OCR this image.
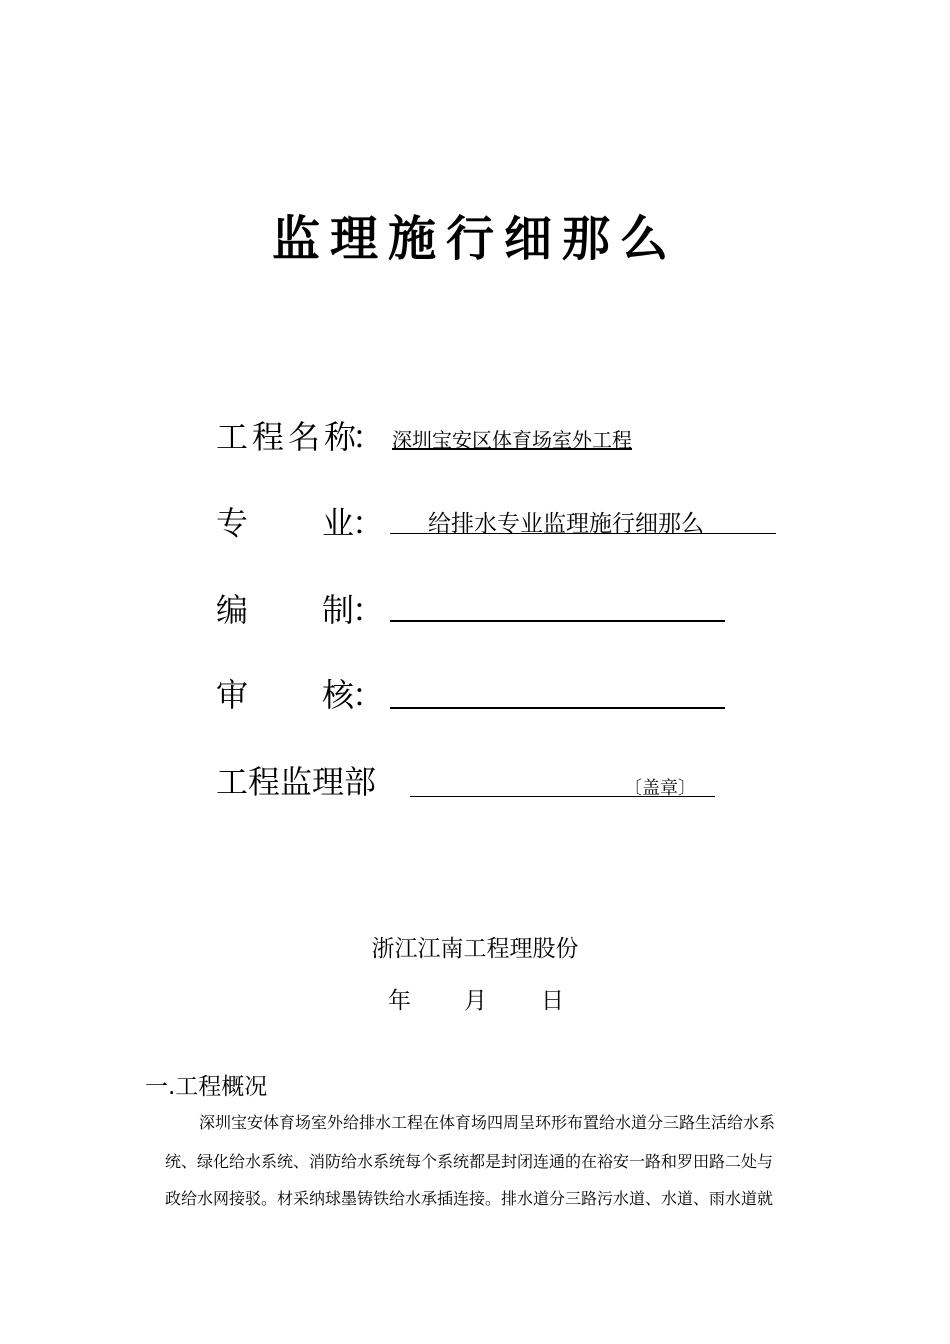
监理施行细那么
工程名称
： 深圳宝安区体育场室外工程
专 业
： 给排水专业监理施行细那么
编 制
：
审 核
：
工程监理部	〔盖章〕
浙江江南工程理股份
年 月 日
一.工程概况
深圳宝安体育场室外给排水工程在体育场四周呈环形布置给水道分三路生活给水系
统、绿化给水系统、消防给水系统每个系统都是封闭连通的在裕安一路和罗田路二处与
政给水网接驳。材采纳球墨铸铁给水承插连接。排水道分三路污水道、水道、雨水道就
